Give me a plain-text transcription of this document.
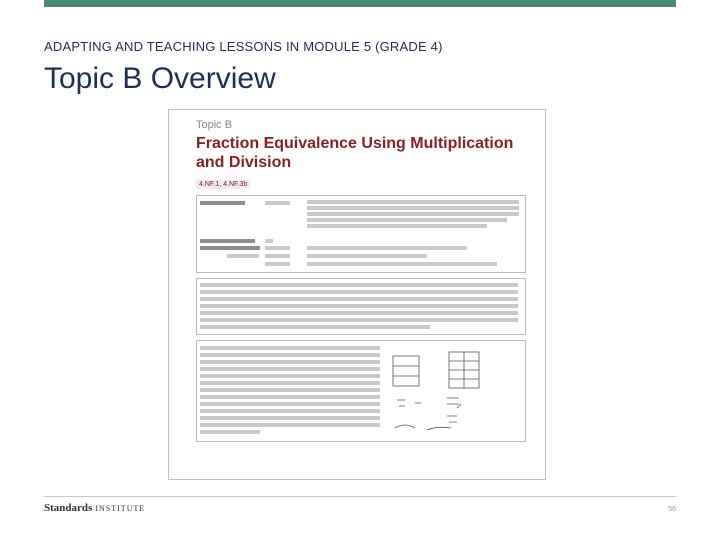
ADAPTING AND TEACHING LESSONS IN MODULE 5 (GRADE 4)
Topic B Overview
Topic B
Fraction Equivalence Using Multiplication and Division
4.NF.1, 4.NF.3b
Standards INSTITUTE	56
